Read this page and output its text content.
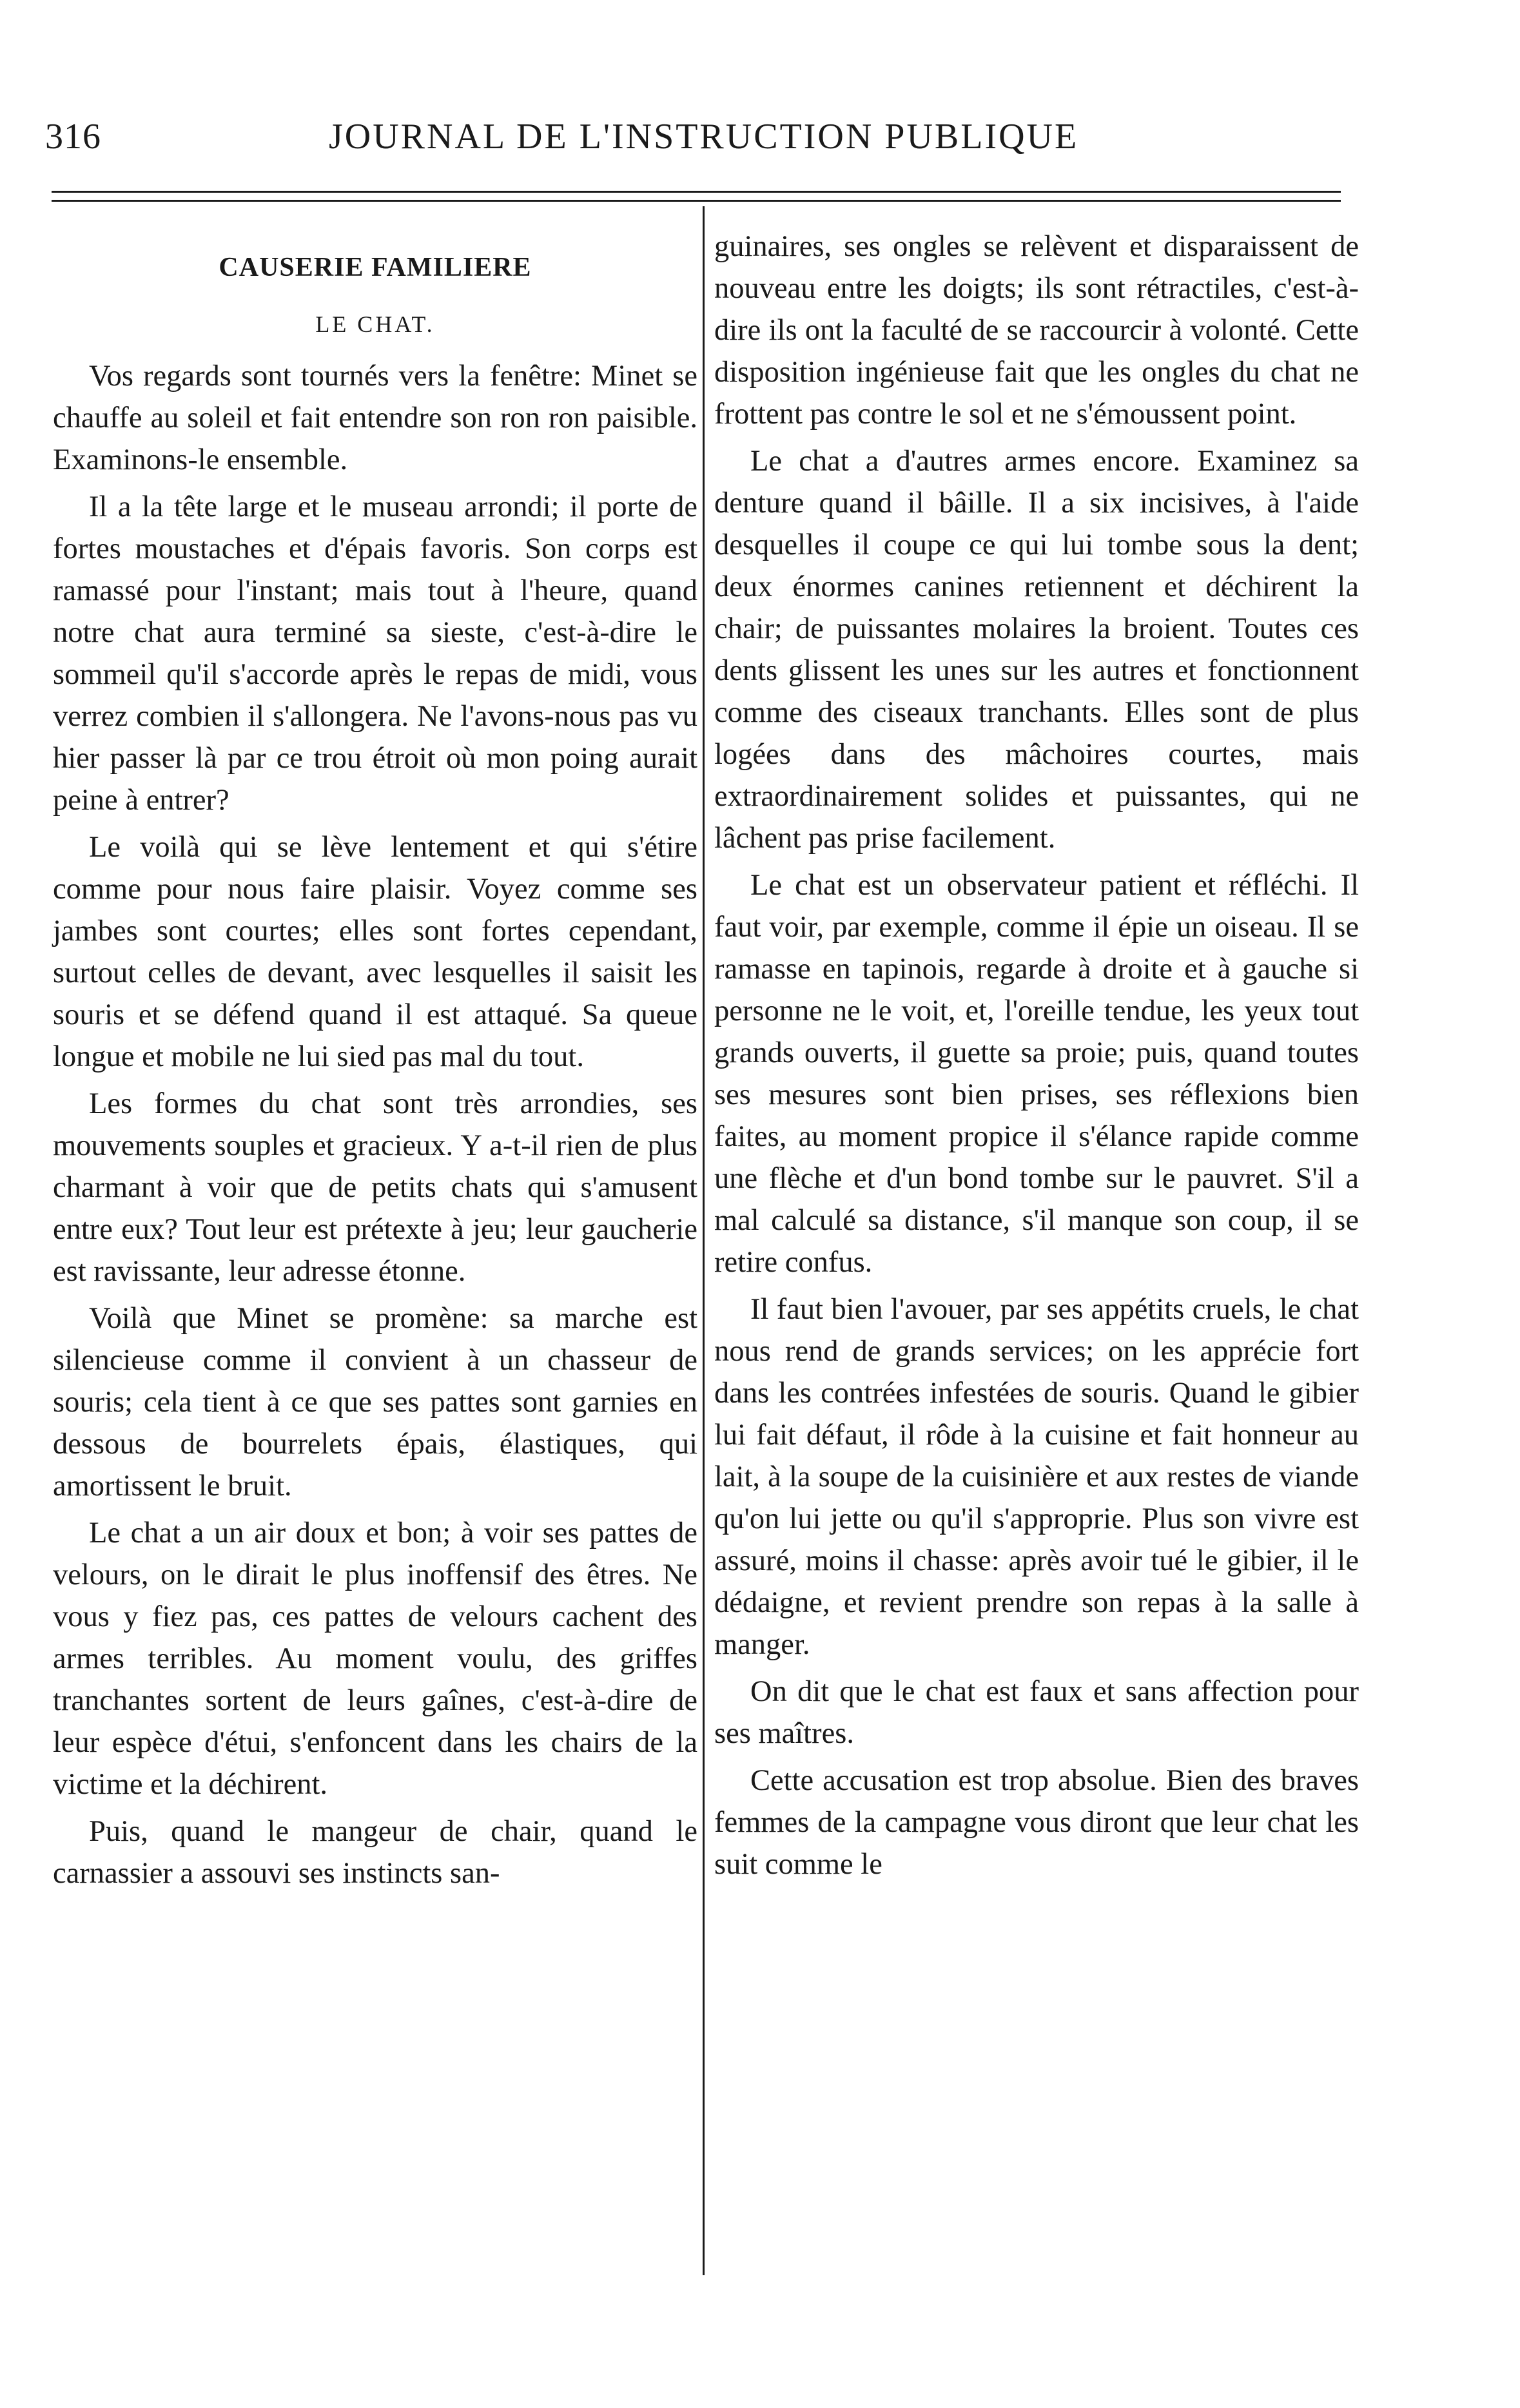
316	JOURNAL DE L'INSTRUCTION PUBLIQUE
CAUSERIE FAMILIERE
LE CHAT.

Vos regards sont tournés vers la fenêtre: Minet se chauffe au soleil et fait entendre son ron ron paisible. Examinons-le ensemble.

Il a la tête large et le museau arrondi; il porte de fortes moustaches et d'épais favoris. Son corps est ramassé pour l'instant; mais tout à l'heure, quand notre chat aura terminé sa sieste, c'est-à-dire le sommeil qu'il s'accorde après le repas de midi, vous verrez combien il s'allongera. Ne l'avons-nous pas vu hier passer là par ce trou étroit où mon poing aurait peine à entrer?

Le voilà qui se lève lentement et qui s'étire comme pour nous faire plaisir. Voyez comme ses jambes sont courtes; elles sont fortes cependant, surtout celles de devant, avec lesquelles il saisit les souris et se défend quand il est attaqué. Sa queue longue et mobile ne lui sied pas mal du tout.

Les formes du chat sont très arrondies, ses mouvements souples et gracieux. Y a-t-il rien de plus charmant à voir que de petits chats qui s'amusent entre eux? Tout leur est prétexte à jeu; leur gaucherie est ravissante, leur adresse étonne.

Voilà que Minet se promène: sa marche est silencieuse comme il convient à un chasseur de souris; cela tient à ce que ses pattes sont garnies en dessous de bourrelets épais, élastiques, qui amortissent le bruit.

Le chat a un air doux et bon; à voir ses pattes de velours, on le dirait le plus inoffensif des êtres. Ne vous y fiez pas, ces pattes de velours cachent des armes terribles. Au moment voulu, des griffes tranchantes sortent de leurs gaînes, c'est-à-dire de leur espèce d'étui, s'enfoncent dans les chairs de la victime et la déchirent.

Puis, quand le mangeur de chair, quand le carnassier a assouvi ses instincts san-

guinaires, ses ongles se relèvent et disparaissent de nouveau entre les doigts; ils sont rétractiles, c'est-à-dire ils ont la faculté de se raccourcir à volonté. Cette disposition ingénieuse fait que les ongles du chat ne frottent pas contre le sol et ne s'émoussent point.

Le chat a d'autres armes encore. Examinez sa denture quand il bâille. Il a six incisives, à l'aide desquelles il coupe ce qui lui tombe sous la dent; deux énormes canines retiennent et déchirent la chair; de puissantes molaires la broient. Toutes ces dents glissent les unes sur les autres et fonctionnent comme des ciseaux tranchants. Elles sont de plus logées dans des mâchoires courtes, mais extraordinairement solides et puissantes, qui ne lâchent pas prise facilement.

Le chat est un observateur patient et réfléchi. Il faut voir, par exemple, comme il épie un oiseau. Il se ramasse en tapinois, regarde à droite et à gauche si personne ne le voit, et, l'oreille tendue, les yeux tout grands ouverts, il guette sa proie; puis, quand toutes ses mesures sont bien prises, ses réflexions bien faites, au moment propice il s'élance rapide comme une flèche et d'un bond tombe sur le pauvret. S'il a mal calculé sa distance, s'il manque son coup, il se retire confus.

Il faut bien l'avouer, par ses appétits cruels, le chat nous rend de grands services; on les apprécie fort dans les contrées infestées de souris. Quand le gibier lui fait défaut, il rôde à la cuisine et fait honneur au lait, à la soupe de la cuisinière et aux restes de viande qu'on lui jette ou qu'il s'approprie. Plus son vivre est assuré, moins il chasse: après avoir tué le gibier, il le dédaigne, et revient prendre son repas à la salle à manger.

On dit que le chat est faux et sans affection pour ses maîtres.

Cette accusation est trop absolue. Bien des braves femmes de la campagne vous diront que leur chat les suit comme le
